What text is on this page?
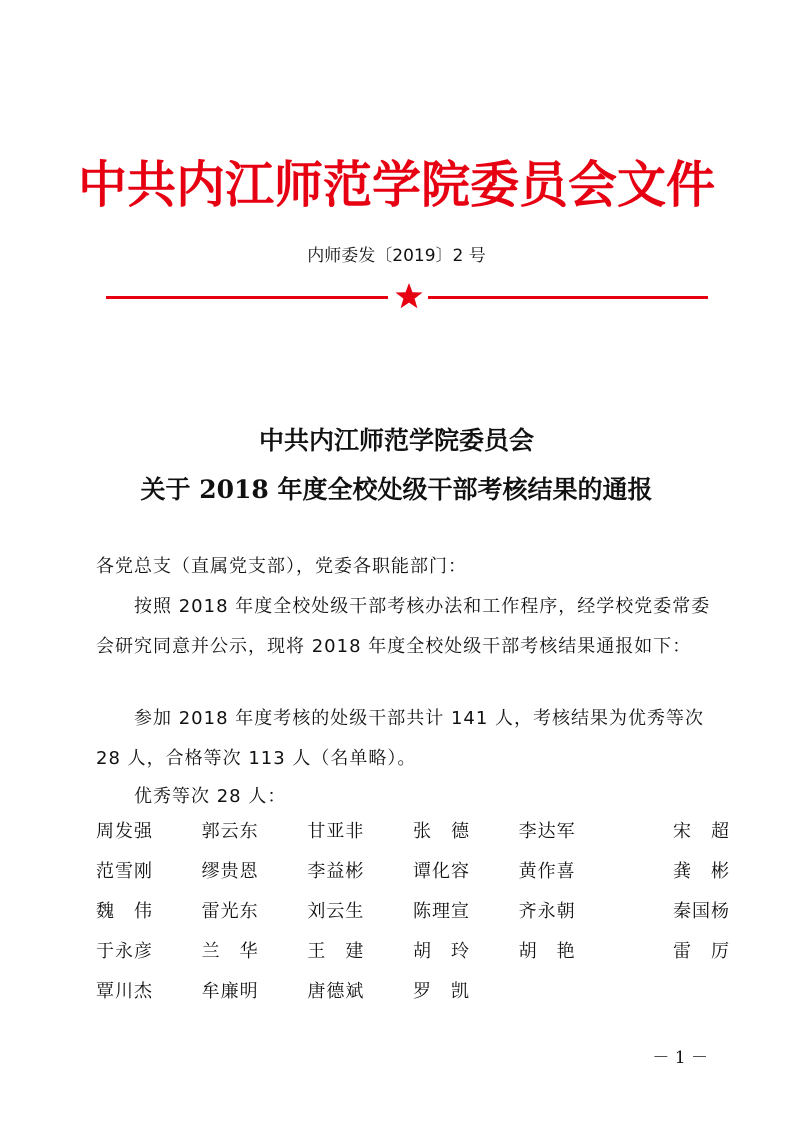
中共内江师范学院委员会文件
内师委发〔2019〕2 号
中共内江师范学院委员会
关于 2018 年度全校处级干部考核结果的通报
各党总支（直属党支部），党委各职能部门：
按照 2018 年度全校处级干部考核办法和工作程序，经学校党委常委会研究同意并公示，现将 2018 年度全校处级干部考核结果通报如下：
参加 2018 年度考核的处级干部共计 141 人，考核结果为优秀等次 28 人，合格等次 113 人（名单略）。
优秀等次 28 人：
周发强	郭云东	甘亚非	张　德	李达军	宋　超
范雪刚	缪贵恩	李益彬	谭化容	黄作喜	龚　彬
魏　伟	雷光东	刘云生	陈理宣	齐永朝	秦国杨
于永彦	兰　华	王　建	胡　玲	胡　艳	雷　厉
覃川杰	牟廉明	唐德斌	罗　凯
－ 1 －
